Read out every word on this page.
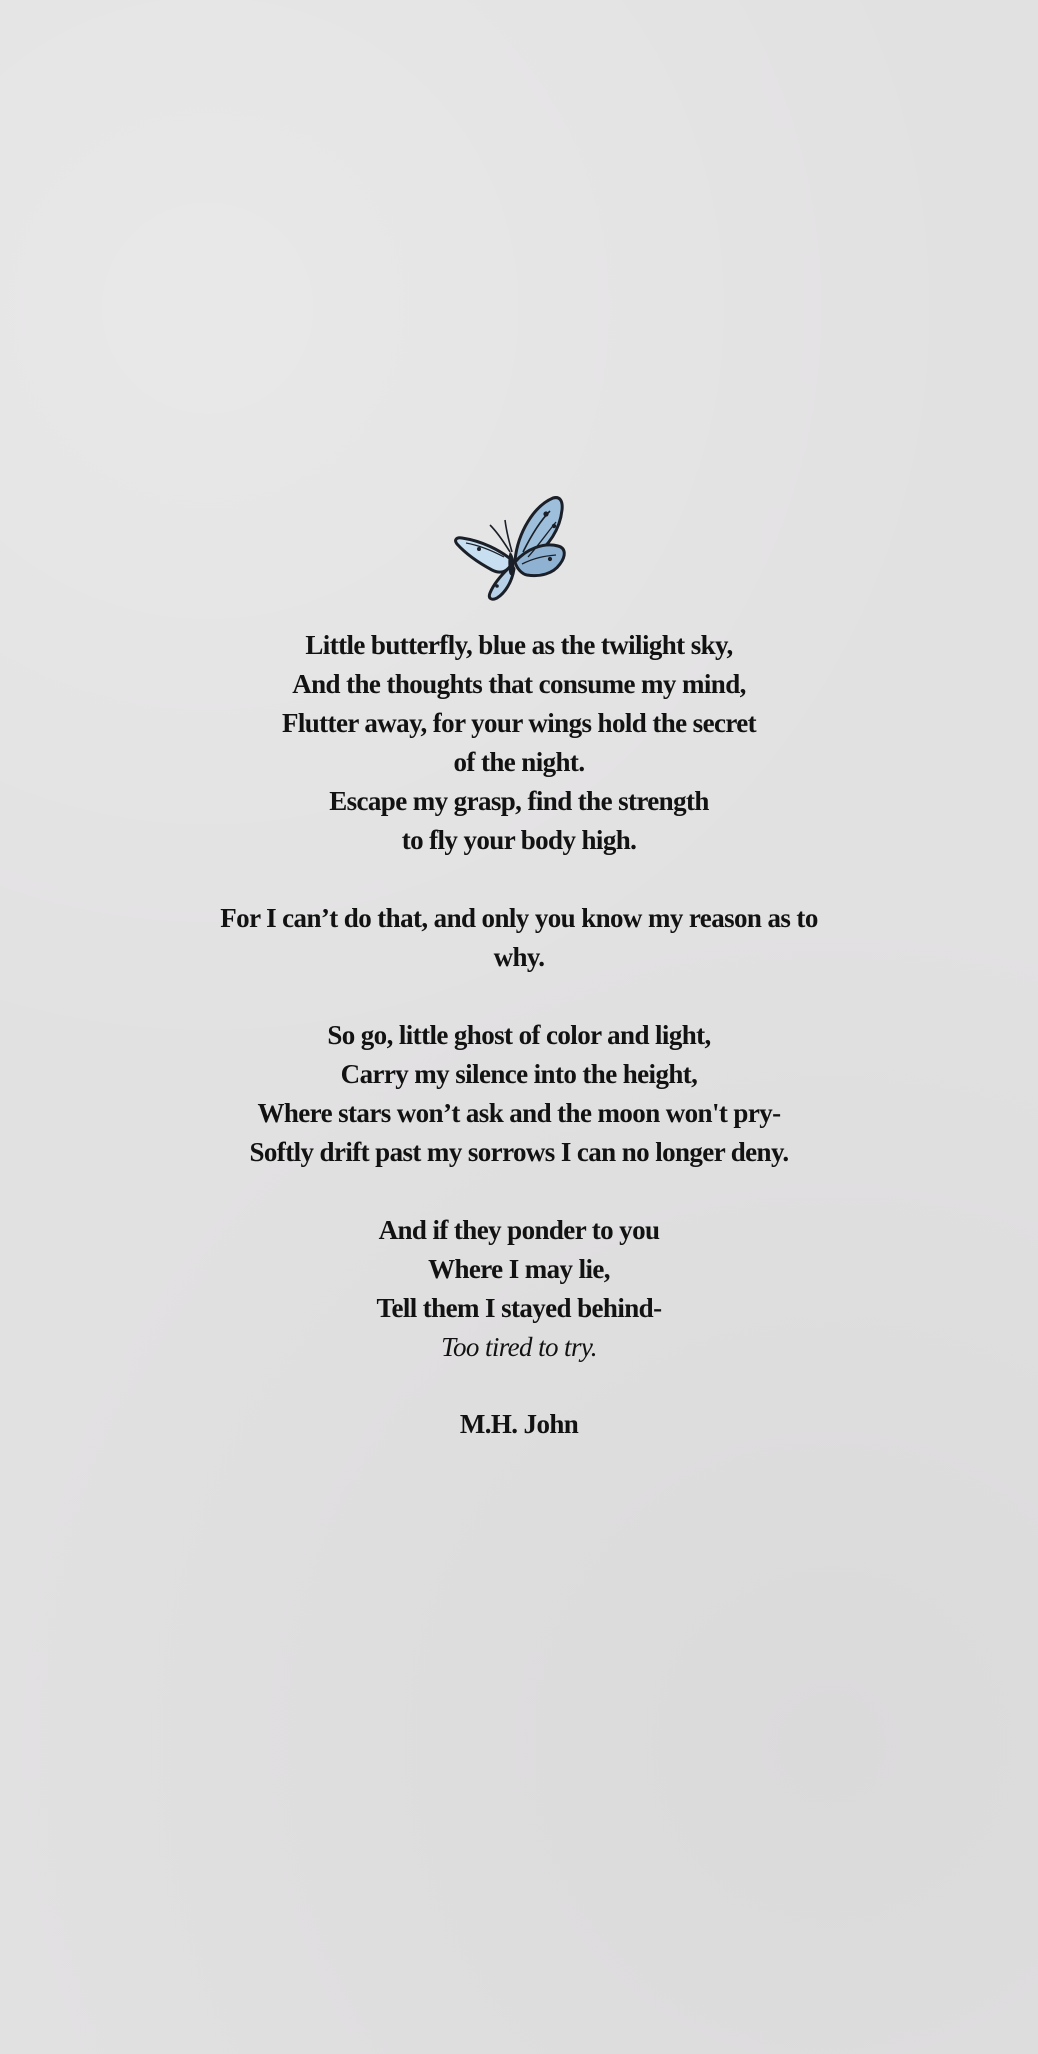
Little butterfly, blue as the twilight sky,
And the thoughts that consume my mind,
Flutter away, for your wings hold the secret
of the night.
Escape my grasp, find the strength
to fly your body high.
For I can’t do that, and only you know my reason as to
why.
So go, little ghost of color and light,
Carry my silence into the height,
Where stars won’t ask and the moon won't pry-
Softly drift past my sorrows I can no longer deny.
And if they ponder to you
Where I may lie,
Tell them I stayed behind-
Too tired to try.
M.H. John
